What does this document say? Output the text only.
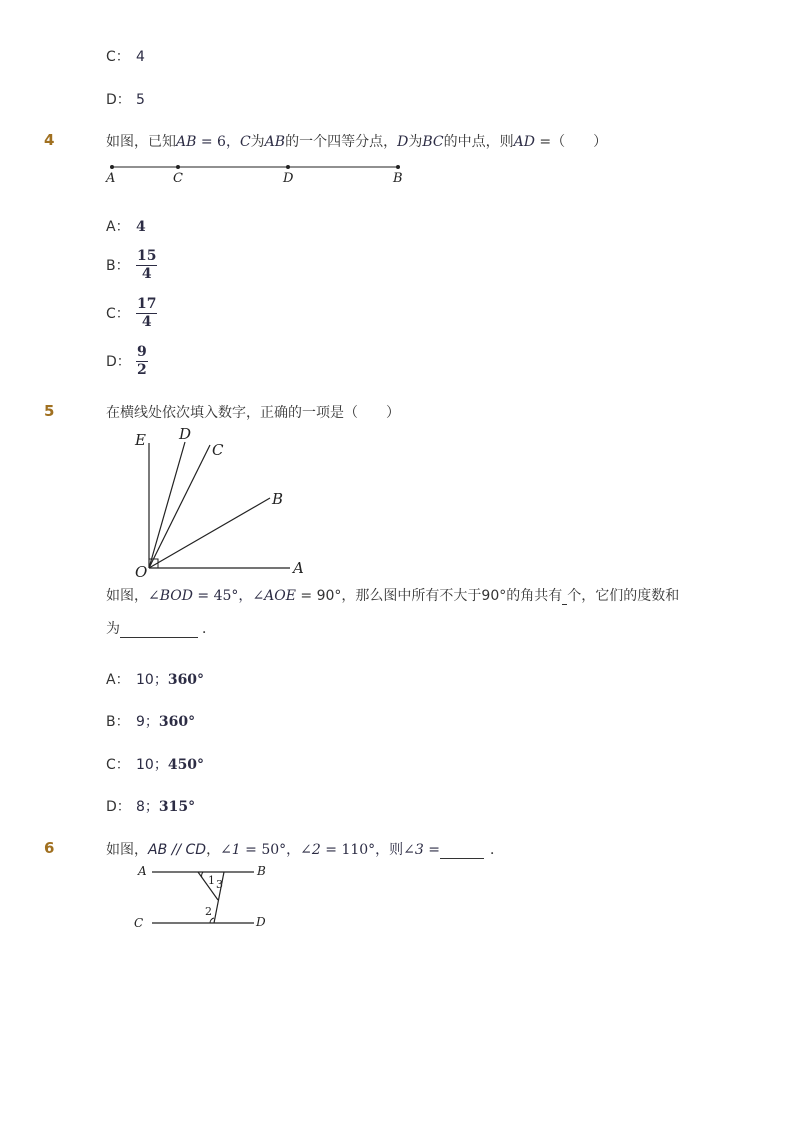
C： 4
D： 5
4	如图，已知AB = 6，C为AB的一个四等分点，D为BC的中点，则AD =（　　）
A	C	D	B
A： 4
B： $\frac{15}{4}$
C： $\frac{17}{4}$
D： $\frac{9}{2}$
5	在横线处依次填入数字，正确的一项是（　　）
E D
C
B
O	A
如图，∠BOD = 45°，∠AOE = 90°，那么图中所有不大于90°的角共有 个，它们的度数和
为	．
A： 10；360°
B： 9；360°
C： 10；450°
D： 8；315°
6	如图，AB // CD，∠1 = 50°，∠2 = 110°，则∠3 =	．
A	B
C	D
1 3
2
